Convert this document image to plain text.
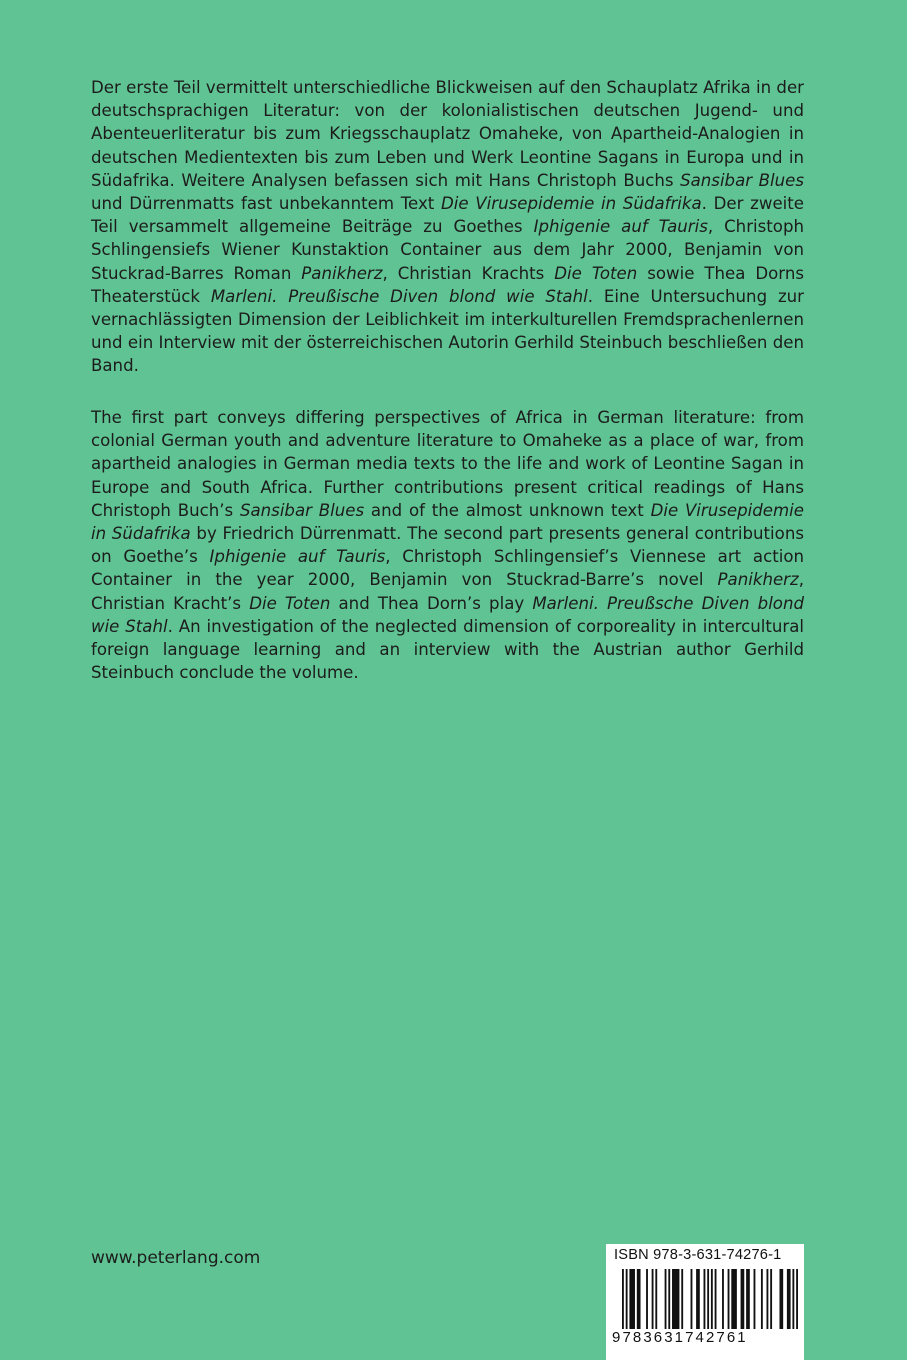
Der erste Teil vermittelt unterschiedliche Blickweisen auf den Schauplatz Afrika in der deutschsprachigen Literatur: von der kolonialistischen deutschen Jugend- und Abenteuerliteratur bis zum Kriegsschauplatz Omaheke, von Apartheid-Analogien in deutschen Medientexten bis zum Leben und Werk Leontine Sagans in Europa und in Südafrika. Weitere Analysen befassen sich mit Hans Christoph Buchs Sansibar Blues und Dürrenmatts fast unbekanntem Text Die Virusepidemie in Südafrika. Der zweite Teil versammelt allgemeine Beiträge zu Goethes Iphigenie auf Tauris, Christoph Schlingensiefs Wiener Kunstaktion Container aus dem Jahr 2000, Benjamin von Stuckrad-Barres Roman Panikherz, Christian Krachts Die Toten sowie Thea Dorns Theaterstück Marleni. Preußische Diven blond wie Stahl. Eine Untersuchung zur vernachlässigten Dimension der Leiblichkeit im interkulturellen Fremdsprachenlernen und ein Interview mit der österreichischen Autorin Gerhild Steinbuch beschließen den Band.

The first part conveys differing perspectives of Africa in German literature: from colonial German youth and adventure literature to Omaheke as a place of war, from apartheid analogies in German media texts to the life and work of Leontine Sagan in Europe and South Africa. Further contributions present critical readings of Hans Christoph Buch’s Sansibar Blues and of the almost unknown text Die Virusepidemie in Südafrika by Friedrich Dürrenmatt. The second part presents general contributions on Goethe’s Iphigenie auf Tauris, Christoph Schlingensief’s Viennese art action Container in the year 2000, Benjamin von Stuckrad-Barre’s novel Panikherz, Christian Kracht’s Die Toten and Thea Dorn’s play Marleni. Preußsche Diven blond wie Stahl. An investigation of the neglected dimension of corporeality in intercultural foreign language learning and an interview with the Austrian author Gerhild Steinbuch conclude the volume.

www.peterlang.com	ISBN 978-3-631-74276-1
9783631742761
